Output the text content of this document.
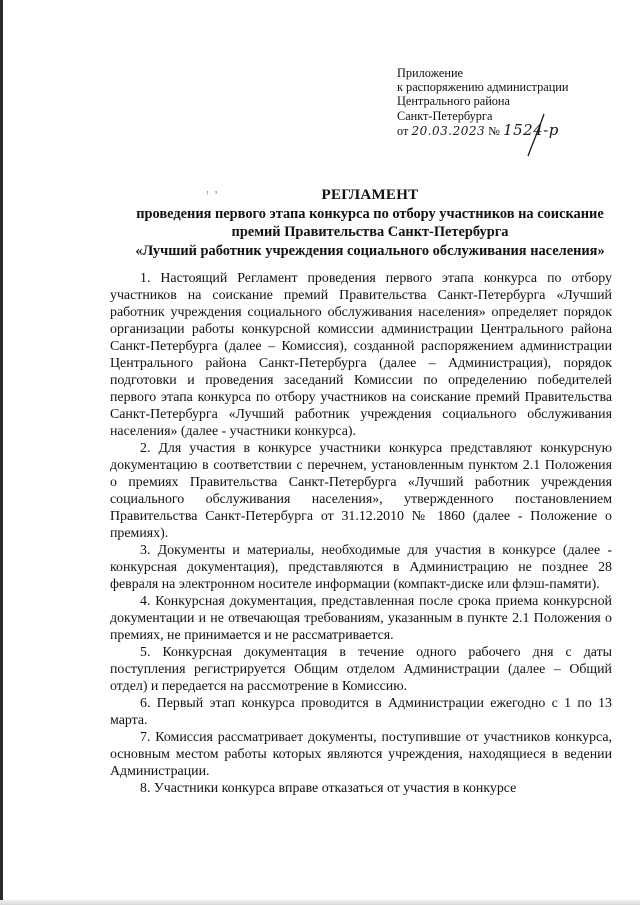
Приложение
к распоряжению администрации
Центрального района
Санкт-Петербурга
от 20.03.2023 № 1524-р
ᵎ ᵌ	РЕГЛАМЕНТ
проведения первого этапа конкурса по отбору участников на соискание
премий Правительства Санкт-Петербурга
«Лучший работник учреждения социального обслуживания населения»

1. Настоящий Регламент проведения первого этапа конкурса по отбору участников на соискание премий Правительства Санкт-Петербурга «Лучший работник учреждения социального обслуживания населения» определяет порядок организации работы конкурсной комиссии администрации Центрального района Санкт-Петербурга (далее – Комиссия), созданной распоряжением администрации Центрального района Санкт-Петербурга (далее – Администрация), порядок подготовки и проведения заседаний Комиссии по определению победителей первого этапа конкурса по отбору участников на соискание премий Правительства Санкт-Петербурга «Лучший работник учреждения социального обслуживания населения» (далее - участники конкурса).

2. Для участия в конкурсе участники конкурса представляют конкурсную документацию в соответствии с перечнем, установленным пунктом 2.1 Положения о премиях Правительства Санкт-Петербурга «Лучший работник учреждения социального обслуживания населения», утвержденного постановлением Правительства Санкт-Петербурга от 31.12.2010 № 1860 (далее - Положение о премиях).

3. Документы и материалы, необходимые для участия в конкурсе (далее - конкурсная документация), представляются в Администрацию не позднее 28 февраля на электронном носителе информации (компакт-диске или флэш-памяти).

4. Конкурсная документация, представленная после срока приема конкурсной документации и не отвечающая требованиям, указанным в пункте 2.1 Положения о премиях, не принимается и не рассматривается.

5. Конкурсная документация в течение одного рабочего дня с даты поступления регистрируется Общим отделом Администрации (далее – Общий отдел) и передается на рассмотрение в Комиссию.

6. Первый этап конкурса проводится в Администрации ежегодно с 1 по 13 марта.

7. Комиссия рассматривает документы, поступившие от участников конкурса, основным местом работы которых являются учреждения, находящиеся в ведении Администрации.

8. Участники конкурса вправе отказаться от участия в конкурсе
